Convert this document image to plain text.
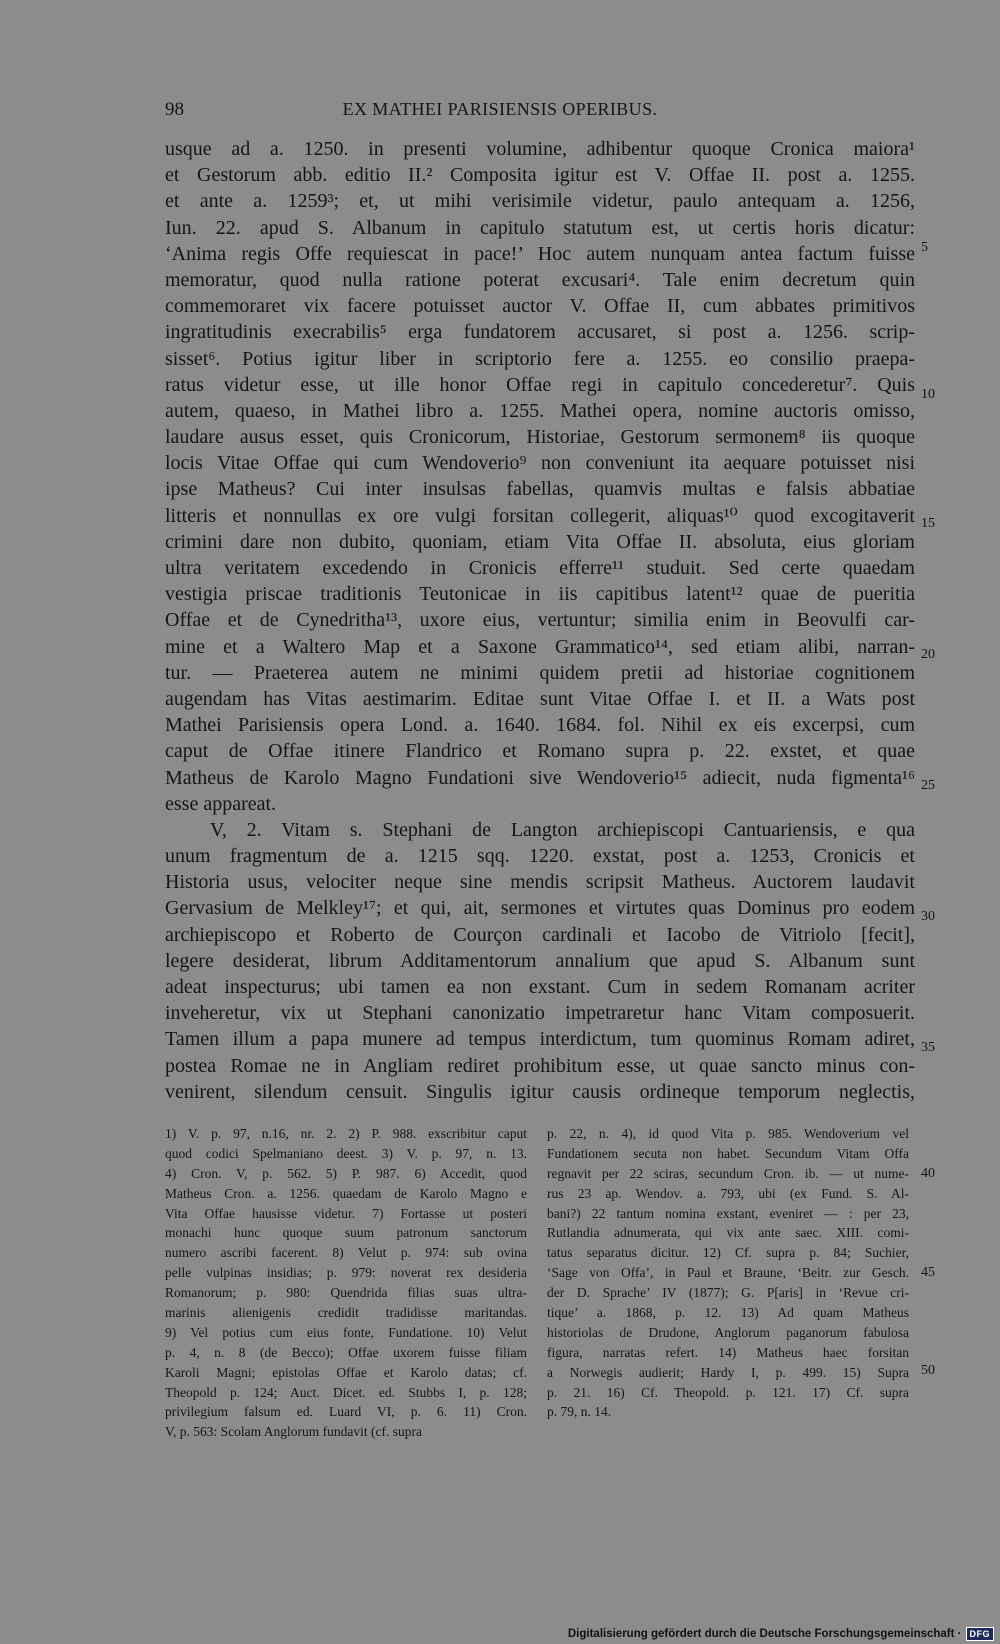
98	EX MATHEI PARISIENSIS OPERIBUS.
usque ad a. 1250. in presenti volumine, adhibentur quoque Cronica maiora¹
et Gestorum abb. editio II.² Composita igitur est V. Offae II. post a. 1255.
et ante a. 1259³; et, ut mihi verisimile videtur, paulo antequam a. 1256,
Iun. 22. apud S. Albanum in capitulo statutum est, ut certis horis dicatur:
‘Anima regis Offe requiescat in pace!’ Hoc autem nunquam antea factum fuisse
memoratur, quod nulla ratione poterat excusari⁴. Tale enim decretum quin
commemoraret vix facere potuisset auctor V. Offae II, cum abbates primitivos
ingratitudinis execrabilis⁵ erga fundatorem accusaret, si post a. 1256. scrip-
sisset⁶. Potius igitur liber in scriptorio fere a. 1255. eo consilio praepa-
ratus videtur esse, ut ille honor Offae regi in capitulo concederetur⁷. Quis
autem, quaeso, in Mathei libro a. 1255. Mathei opera, nomine auctoris omisso,
laudare ausus esset, quis Cronicorum, Historiae, Gestorum sermonem⁸ iis quoque
locis Vitae Offae qui cum Wendoverio⁹ non conveniunt ita aequare potuisset nisi
ipse Matheus? Cui inter insulsas fabellas, quamvis multas e falsis abbatiae
litteris et nonnullas ex ore vulgi forsitan collegerit, aliquas¹⁰ quod excogitaverit
crimini dare non dubito, quoniam, etiam Vita Offae II. absoluta, eius gloriam
ultra veritatem excedendo in Cronicis efferre¹¹ studuit. Sed certe quaedam
vestigia priscae traditionis Teutonicae in iis capitibus latent¹² quae de pueritia
Offae et de Cynedritha¹³, uxore eius, vertuntur; similia enim in Beovulfi car-
mine et a Waltero Map et a Saxone Grammatico¹⁴, sed etiam alibi, narran-
tur. — Praeterea autem ne minimi quidem pretii ad historiae cognitionem
augendam has Vitas aestimarim. Editae sunt Vitae Offae I. et II. a Wats post
Mathei Parisiensis opera Lond. a. 1640. 1684. fol. Nihil ex eis excerpsi, cum
caput de Offae itinere Flandrico et Romano supra p. 22. exstet, et quae
Matheus de Karolo Magno Fundationi sive Wendoverio¹⁵ adiecit, nuda figmenta¹⁶
esse appareat.
V, 2. Vitam s. Stephani de Langton archiepiscopi Cantuariensis, e qua
unum fragmentum de a. 1215 sqq. 1220. exstat, post a. 1253, Cronicis et
Historia usus, velociter neque sine mendis scripsit Matheus. Auctorem laudavit
Gervasium de Melkley¹⁷; et qui, ait, sermones et virtutes quas Dominus pro eodem
archiepiscopo et Roberto de Courçon cardinali et Iacobo de Vitriolo [fecit],
legere desiderat, librum Additamentorum annalium que apud S. Albanum sunt
adeat inspecturus; ubi tamen ea non exstant. Cum in sedem Romanam acriter
inveheretur, vix ut Stephani canonizatio impetraretur hanc Vitam composuerit.
Tamen illum a papa munere ad tempus interdictum, tum quominus Romam adiret,
postea Romae ne in Angliam rediret prohibitum esse, ut quae sancto minus con-
venirent, silendum censuit. Singulis igitur causis ordineque temporum neglectis,
5
10
15
20
25
30
35
1) V. p. 97, n.16, nr. 2. 2) P. 988. exscribitur caput
quod codici Spelmaniano deest. 3) V. p. 97, n. 13.
4) Cron. V, p. 562. 5) P. 987. 6) Accedit, quod
Matheus Cron. a. 1256. quaedam de Karolo Magno e
Vita Offae hausisse videtur. 7) Fortasse ut posteri
monachi hunc quoque suum patronum sanctorum
numero ascribi facerent. 8) Velut p. 974: sub ovina
pelle vulpinas insidias; p. 979: noverat rex desideria
Romanorum; p. 980: Quendrida filias suas ultra-
marinis alienigenis credidit tradidisse maritandas.
9) Vel potius cum eius fonte, Fundatione. 10) Velut
p. 4, n. 8 (de Becco); Offae uxorem fuisse filiam
Karoli Magni; epistolas Offae et Karolo datas; cf.
Theopold p. 124; Auct. Dicet. ed. Stubbs I, p. 128;
privilegium falsum ed. Luard VI, p. 6. 11) Cron.
V, p. 563: Scolam Anglorum fundavit (cf. supra
p. 22, n. 4), id quod Vita p. 985. Wendoverium vel
Fundationem secuta non habet. Secundum Vitam Offa
regnavit per 22 sciras, secundum Cron. ib. — ut nume-
rus 23 ap. Wendov. a. 793, ubi (ex Fund. S. Al-
bani?) 22 tantum nomina exstant, eveniret — : per 23,
Rutlandia adnumerata, qui vix ante saec. XIII. comi-
tatus separatus dicitur. 12) Cf. supra p. 84; Suchier,
‘Sage von Offa’, in Paul et Braune, ‘Beitr. zur Gesch.
der D. Sprache’ IV (1877); G. P[aris] in ‘Revue cri-
tique’ a. 1868, p. 12. 13) Ad quam Matheus
historiolas de Drudone, Anglorum paganorum fabulosa
figura, narratas refert. 14) Matheus haec forsitan
a Norwegis audierit; Hardy I, p. 499. 15) Supra
p. 21. 16) Cf. Theopold. p. 121. 17) Cf. supra
p. 79, n. 14.
40
45
50
Digitalisierung gefördert durch die Deutsche Forschungsgemeinschaft · DFG
